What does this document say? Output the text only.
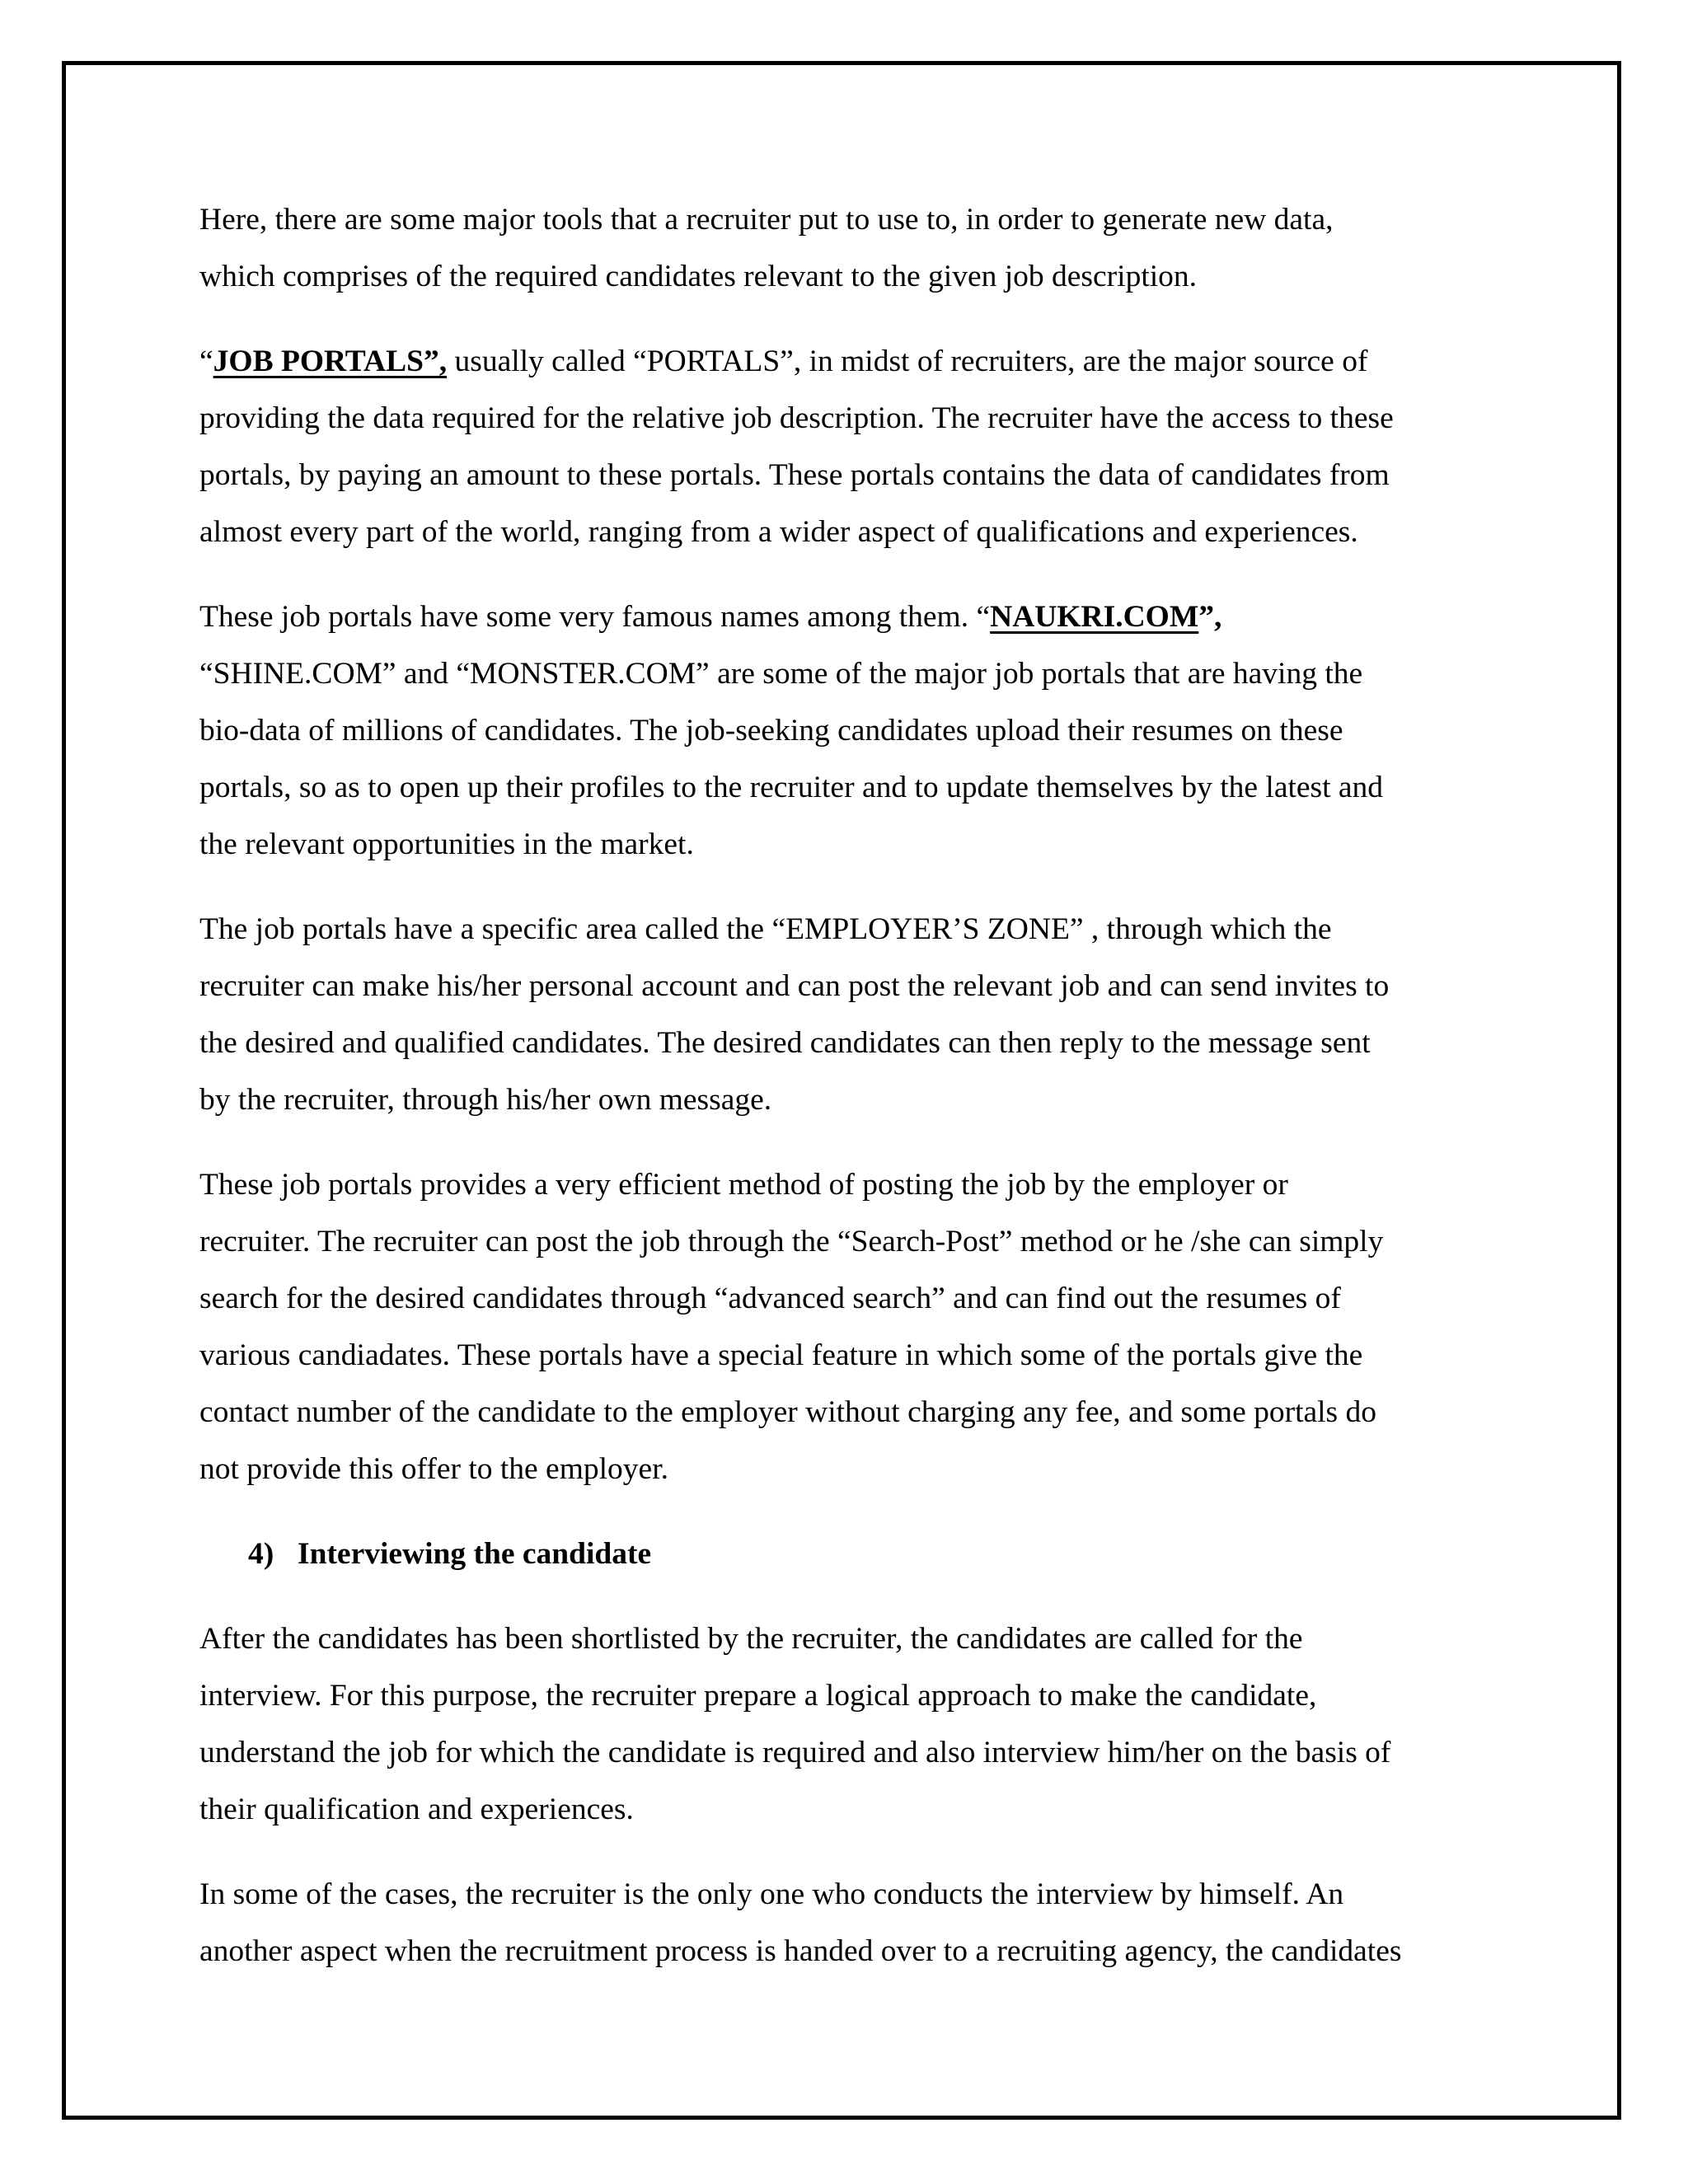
Here, there are some major tools that a recruiter put to use to, in order to generate new data,
which comprises of the required candidates relevant to the given job description.

“JOB PORTALS”, usually called “PORTALS”, in midst of recruiters, are the major source of
providing the data required for the relative job description. The recruiter have the access to these
portals, by paying an amount to these portals. These portals contains the data of candidates from
almost every part of the world, ranging from a wider aspect of qualifications and experiences.

These job portals have some very famous names among them. “NAUKRI.COM”,
“SHINE.COM” and “MONSTER.COM” are some of the major job portals that are having the
bio-data of millions of candidates. The job-seeking candidates upload their resumes on these
portals, so as to open up their profiles to the recruiter and to update themselves by the latest and
the relevant opportunities in the market.

The job portals have a specific area called the “EMPLOYER’S ZONE” , through which the
recruiter can make his/her personal account and can post the relevant job and can send invites to
the desired and qualified candidates. The desired candidates can then reply to the message sent
by the recruiter, through his/her own message.

These job portals provides a very efficient method of posting the job by the employer or
recruiter. The recruiter can post the job through the “Search-Post” method or he /she can simply
search for the desired candidates through “advanced search” and can find out the resumes of
various candiadates. These portals have a special feature in which some of the portals give the
contact number of the candidate to the employer without charging any fee, and some portals do
not provide this offer to the employer.

4) Interviewing the candidate

After the candidates has been shortlisted by the recruiter, the candidates are called for the
interview. For this purpose, the recruiter prepare a logical approach to make the candidate,
understand the job for which the candidate is required and also interview him/her on the basis of
their qualification and experiences.

In some of the cases, the recruiter is the only one who conducts the interview by himself. An
another aspect when the recruitment process is handed over to a recruiting agency, the candidates
